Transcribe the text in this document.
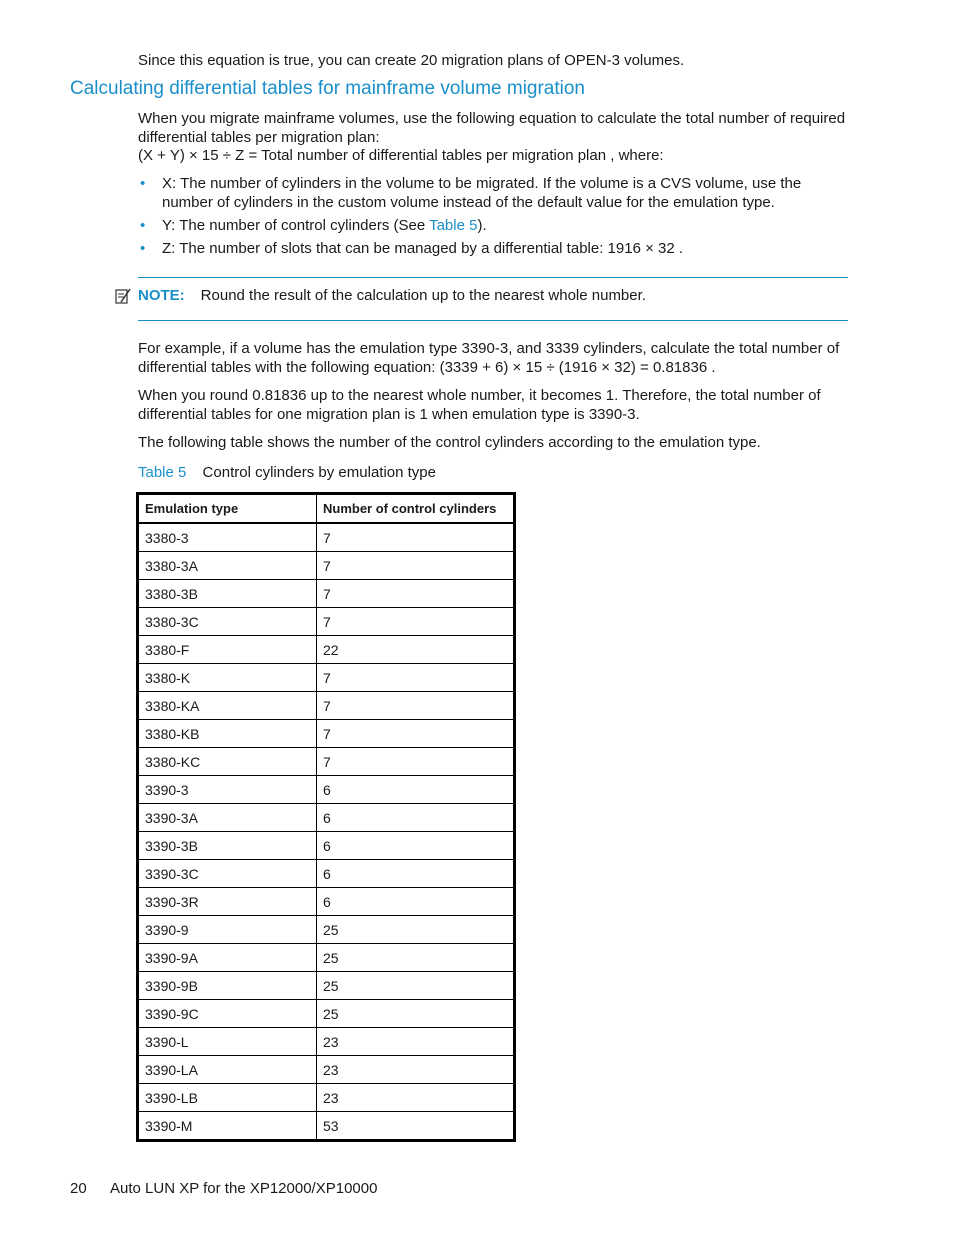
Since this equation is true, you can create 20 migration plans of OPEN-3 volumes.
Calculating differential tables for mainframe volume migration
When you migrate mainframe volumes, use the following equation to calculate the total number of required differential tables per migration plan:
(X + Y) × 15 ÷ Z = Total number of differential tables per migration plan , where:
• X: The number of cylinders in the volume to be migrated. If the volume is a CVS volume, use the number of cylinders in the custom volume instead of the default value for the emulation type.
• Y: The number of control cylinders (See Table 5).
• Z: The number of slots that can be managed by a differential table: 1916 × 32 .
NOTE: Round the result of the calculation up to the nearest whole number.
For example, if a volume has the emulation type 3390-3, and 3339 cylinders, calculate the total number of differential tables with the following equation: (3339 + 6) × 15 ÷ (1916 × 32) = 0.81836 .
When you round 0.81836 up to the nearest whole number, it becomes 1. Therefore, the total number of differential tables for one migration plan is 1 when emulation type is 3390-3.
The following table shows the number of the control cylinders according to the emulation type.
Table 5 Control cylinders by emulation type
Emulation type	Number of control cylinders
3380-3	7
3380-3A	7
3380-3B	7
3380-3C	7
3380-F	22
3380-K	7
3380-KA	7
3380-KB	7
3380-KC	7
3390-3	6
3390-3A	6
3390-3B	6
3390-3C	6
3390-3R	6
3390-9	25
3390-9A	25
3390-9B	25
3390-9C	25
3390-L	23
3390-LA	23
3390-LB	23
3390-M	53
20 Auto LUN XP for the XP12000/XP10000
